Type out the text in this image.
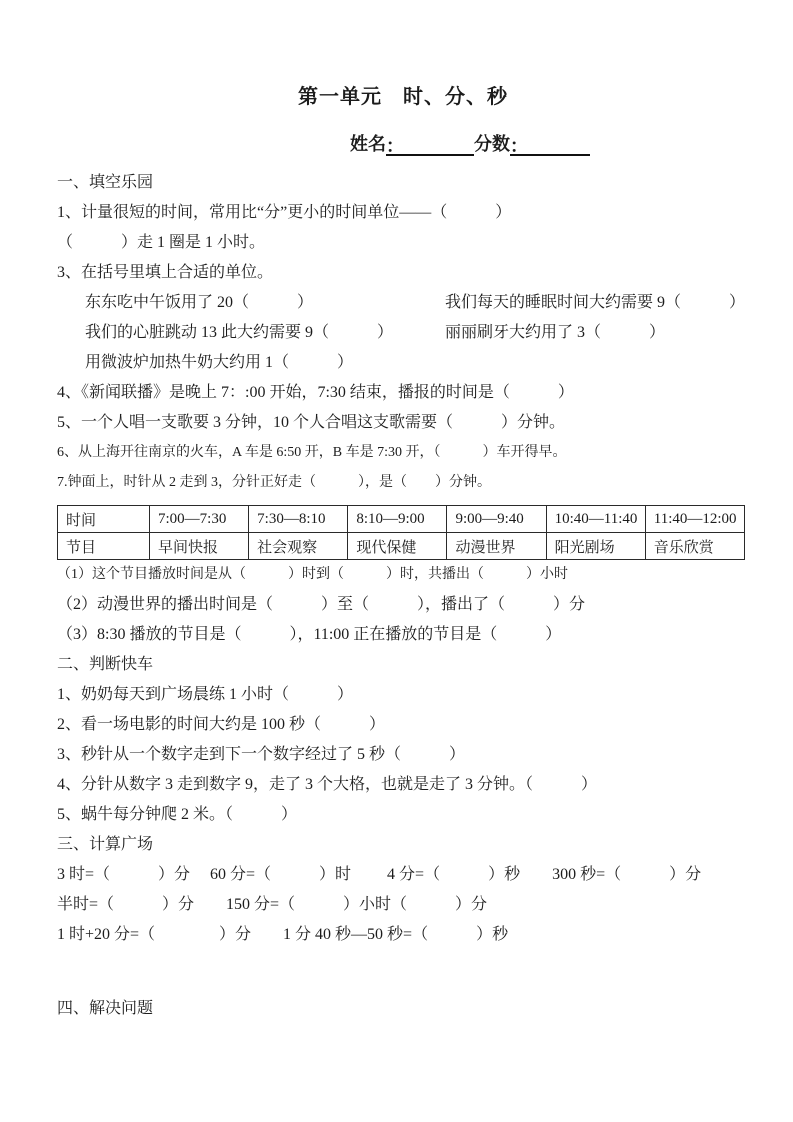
第一单元　时、分、秒
姓名：	分数：

一、填空乐园

1、计量很短的时间，常用比“分”更小的时间单位——（　　　）

（　　　）走 1 圈是 1 小时。

3、在括号里填上合适的单位。

东东吃中午饭用了 20（　　　）	我们每天的睡眠时间大约需要 9（　　　）
我们的心脏跳动 13 此大约需要 9（　　　）	丽丽刷牙大约用了 3（　　　）
用微波炉加热牛奶大约用 1（　　　）

4、《新闻联播》是晚上 7：:00 开始，7:30 结束，播报的时间是（　　　）

5、一个人唱一支歌要 3 分钟，10 个人合唱这支歌需要（　　　）分钟。

6、从上海开往南京的火车，A 车是 6:50 开，B 车是 7:30 开，（　　　）车开得早。

7.钟面上，时针从 2 走到 3，分针正好走（　　　），是（　　）分钟。

时间	7:00—7:30	7:30—8:10	8:10—9:00	9:00—9:40	10:40—11:40	11:40—12:00
节目	早间快报	社会观察	现代保健	动漫世界	阳光剧场	音乐欣赏

（1）这个节目播放时间是从（　　　）时到（　　　）时，共播出（　　　）小时

（2）动漫世界的播出时间是（　　　）至（　　　），播出了（　　　）分

（3）8:30 播放的节目是（　　　），11:00 正在播放的节目是（　　　）

二、判断快车

1、奶奶每天到广场晨练 1 小时（　　　）

2、看一场电影的时间大约是 100 秒（　　　）

3、秒针从一个数字走到下一个数字经过了 5 秒（　　　）

4、分针从数字 3 走到数字 9，走了 3 个大格，也就是走了 3 分钟。（　　　）

5、蜗牛每分钟爬 2 米。（　　　）

三、计算广场

3 时=（　　　）分　 60 分=（　　　）时　　 4 分=（　　　）秒　　300 秒=（　　　）分

半时=（　　　）分　　150 分=（　　　）小时（　　　）分

1 时+20 分=（　　　　）分　　1 分 40 秒—50 秒=（　　　）秒

四、解决问题
